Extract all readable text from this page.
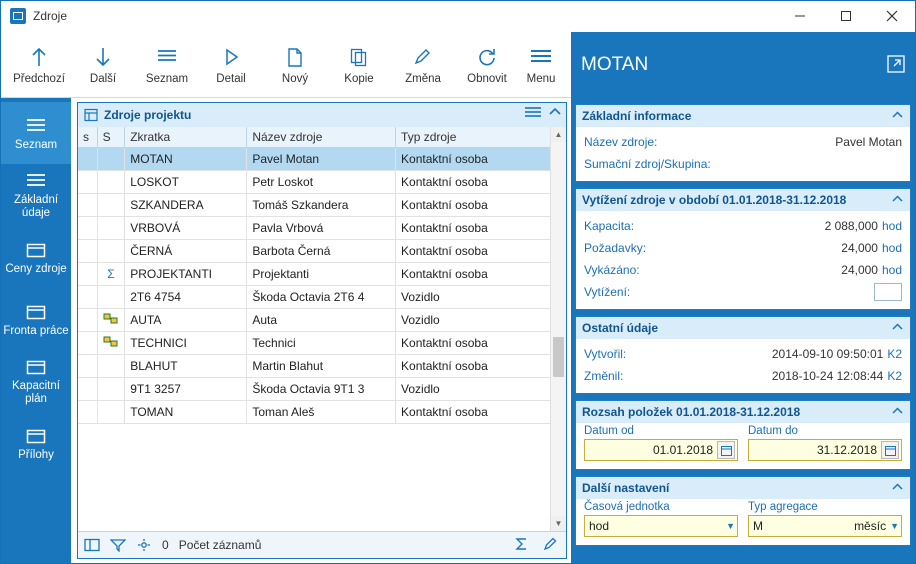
Zdroje
Předchozí Další	Seznam Detail	Nový	Kopie	Změna Obnovit Menu
Seznam
Základní údaje
Ceny zdroje
Fronta práce
Kapacitní plán
Přílohy
Zdroje projektu
s	S	Zkratka	Název zdroje	Typ zdroje
		MOTAN	Pavel Motan	Kontaktní osoba
		LOSKOT	Petr Loskot	Kontaktní osoba
		SZKANDERA	Tomáš Szkandera	Kontaktní osoba
		VRBOVÁ	Pavla Vrbová	Kontaktní osoba
		ČERNÁ	Barbota Černá	Kontaktní osoba
	Σ	PROJEKTANTI	Projektanti	Kontaktní osoba
		2T6 4754	Škoda Octavia 2T6 4	Vozidlo
		AUTA	Auta	Vozidlo
		TECHNICI	Technici	Kontaktní osoba
		BLAHUT	Martin Blahut	Kontaktní osoba
		9T1 3257	Škoda Octavia 9T1 3	Vozidlo
		TOMAN	Toman Aleš	Kontaktní osoba
▲
▼
0 Počet záznamů
Základní informace
Název zdroje:	Pavel Motan
Sumační zdroj/Skupina:
Vytížení zdroje v období 01.01.2018-31.12.2018
Kapacita:	2 088,000 hod
Požadavky:	24,000 hod
Vykázáno:	24,000 hod
Vytížení:
Ostatní údaje
Vytvořil:	2014-09-10 09:50:01 K2
Změnil:	2018-10-24 12:08:44 K2
Rozsah položek 01.01.2018-31.12.2018
Datum od
01.01.2018
Datum do
31.12.2018
Další nastavení
Časová jednotka
hod	▼
Typ agregace
M	měsíc ▼
MOTAN
